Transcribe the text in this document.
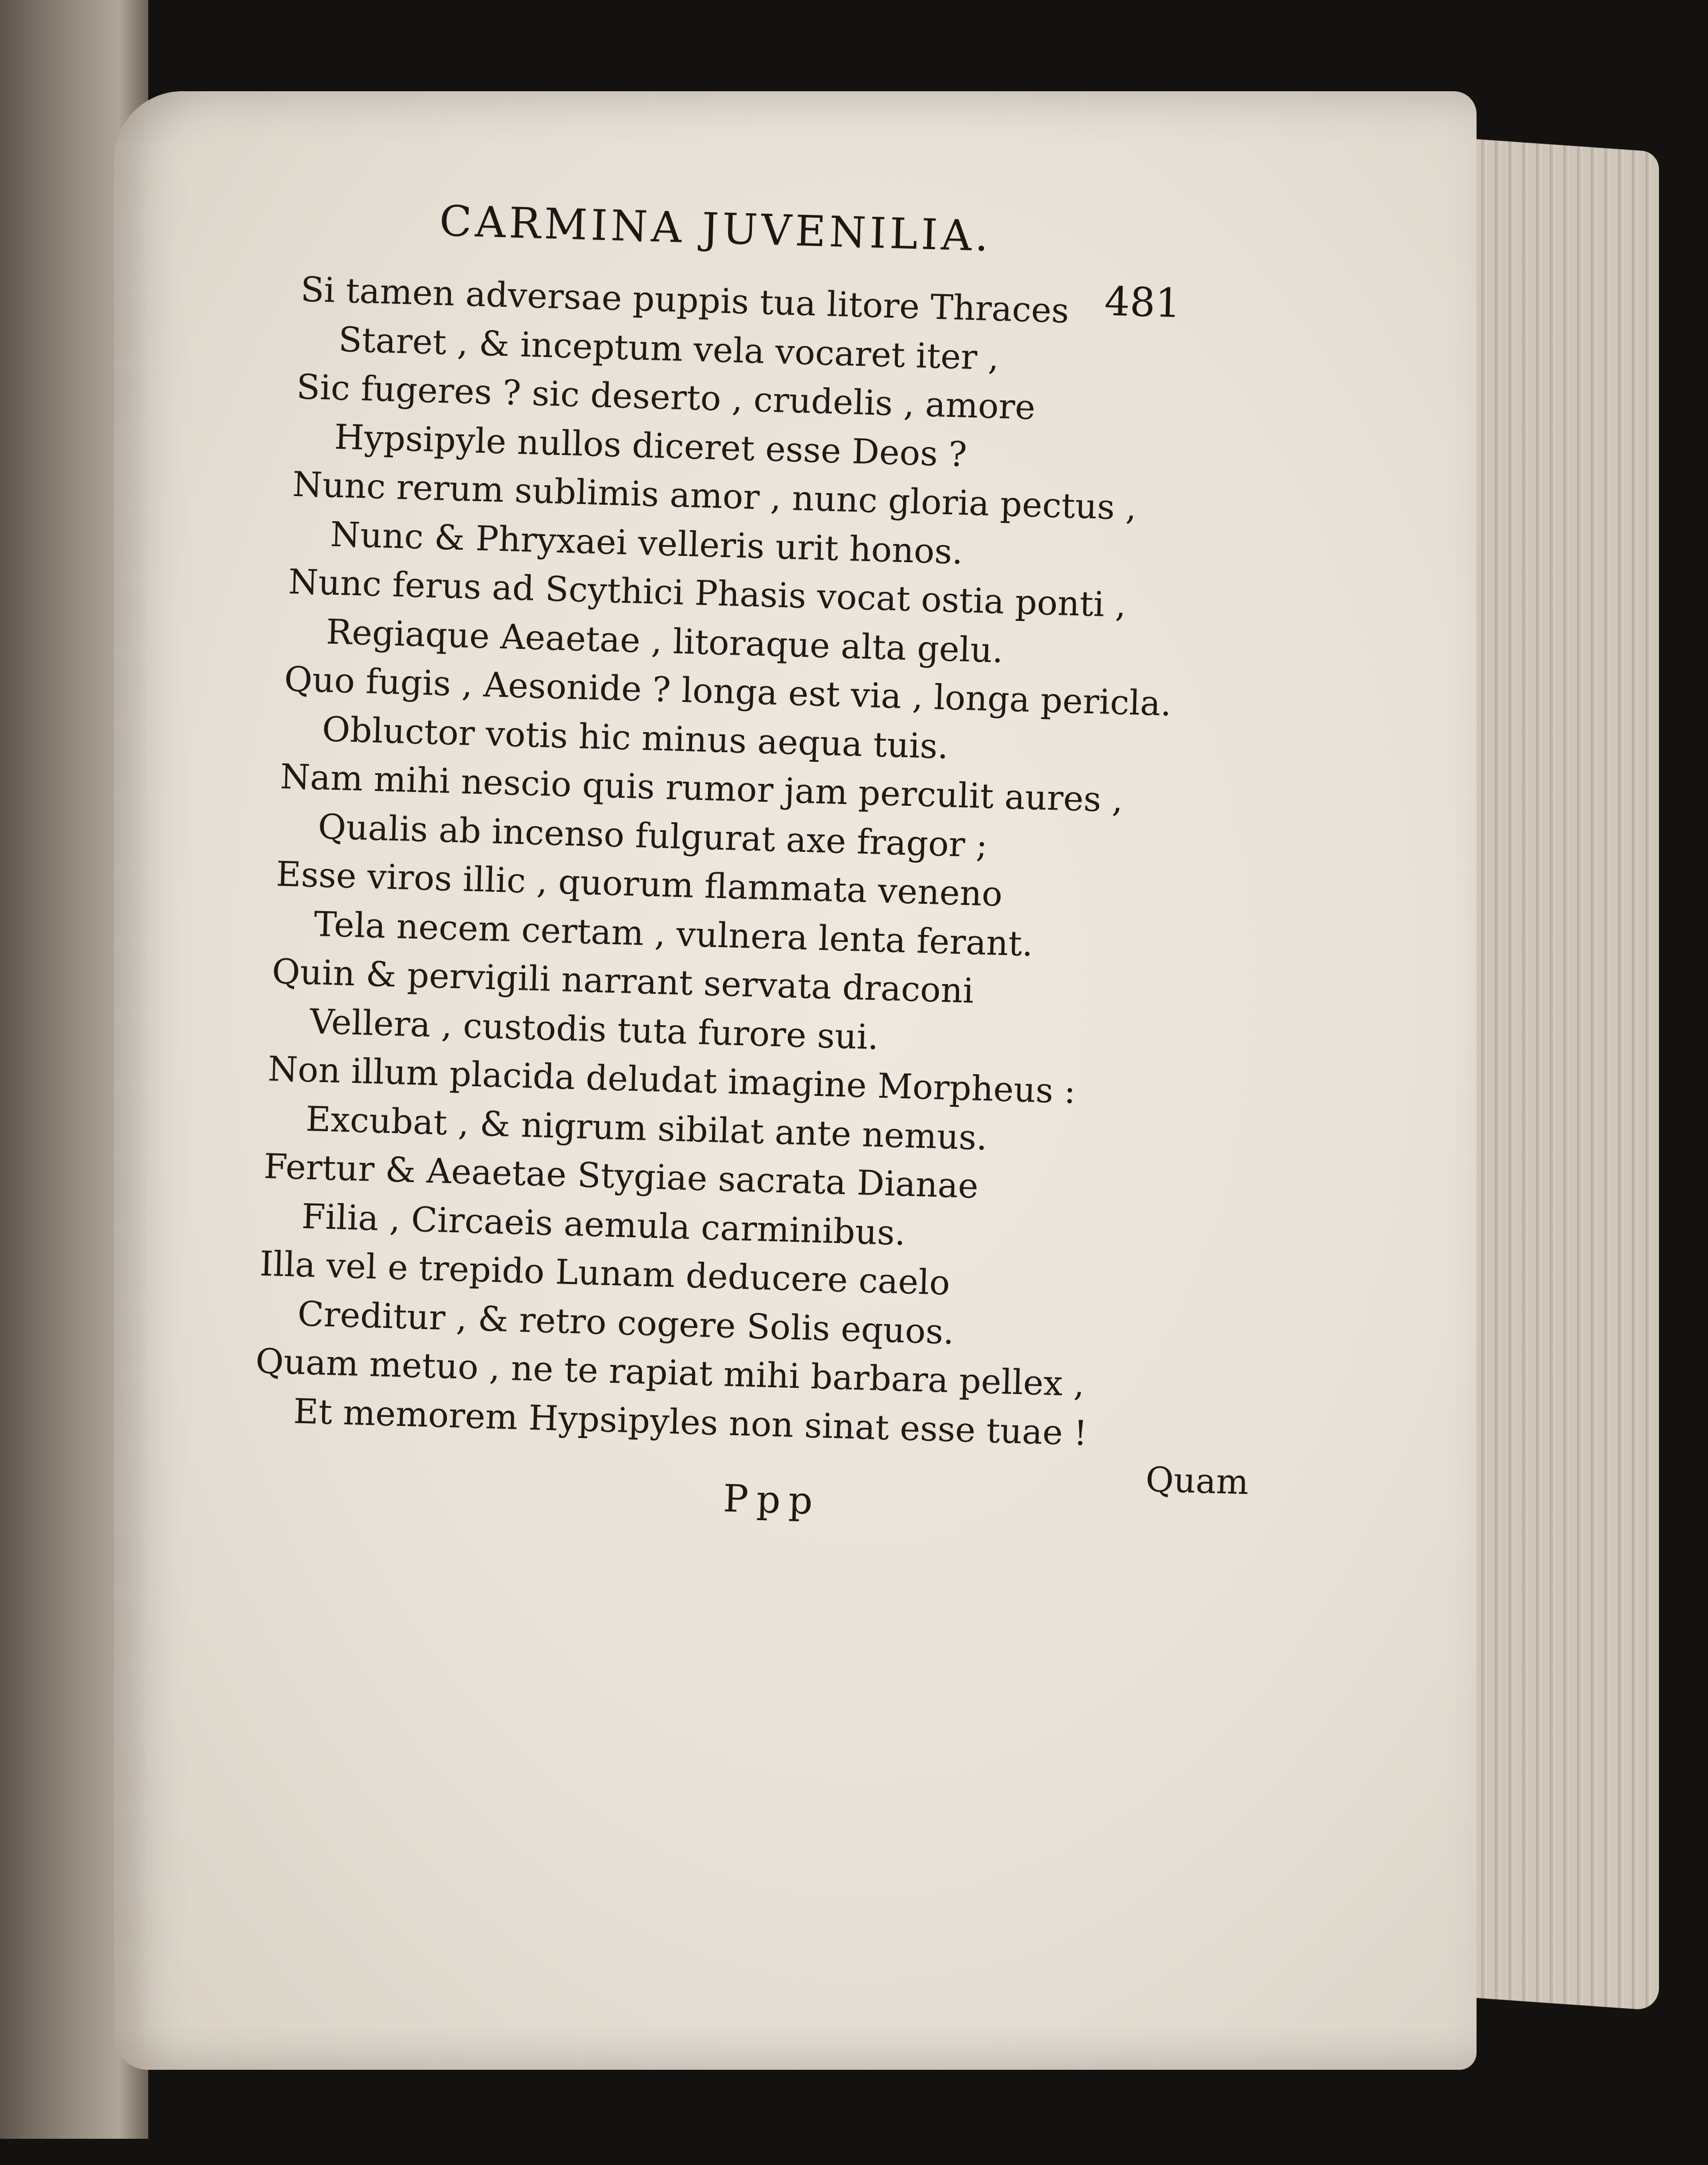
CARMINA JUVENILIA.
481
Si tamen adversae puppis tua litore Thraces
Staret , & inceptum vela vocaret iter ,
Sic fugeres ? sic deserto , crudelis , amore
Hypsipyle nullos diceret esse Deos ?
Nunc rerum sublimis amor , nunc gloria pectus ,
Nunc & Phryxaei velleris urit honos.
Nunc ferus ad Scythici Phasis vocat ostia ponti ,
Regiaque Aeaetae , litoraque alta gelu.
Quo fugis , Aesonide ? longa est via , longa pericla.
Obluctor votis hic minus aequa tuis.
Nam mihi nescio quis rumor jam perculit aures ,
Qualis ab incenso fulgurat axe fragor ;
Esse viros illic , quorum flammata veneno
Tela necem certam , vulnera lenta ferant.
Quin & pervigili narrant servata draconi
Vellera , custodis tuta furore sui.
Non illum placida deludat imagine Morpheus :
Excubat , & nigrum sibilat ante nemus.
Fertur & Aeaetae Stygiae sacrata Dianae
Filia , Circaeis aemula carminibus.
Illa vel e trepido Lunam deducere caelo
Creditur , & retro cogere Solis equos.
Quam metuo , ne te rapiat mihi barbara pellex ,
Et memorem Hypsipyles non sinat esse tuae !
Ppp	Quam
